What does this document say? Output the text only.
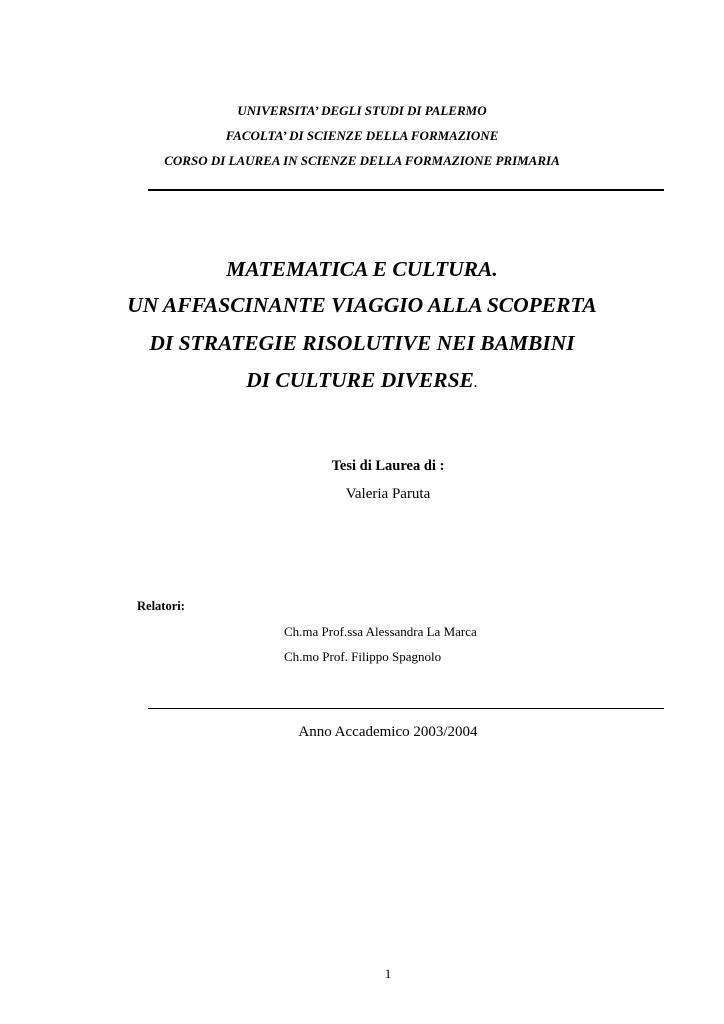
UNIVERSITA’ DEGLI STUDI DI PALERMO
FACOLTA’ DI SCIENZE DELLA FORMAZIONE
CORSO DI LAUREA IN SCIENZE DELLA FORMAZIONE PRIMARIA
MATEMATICA E CULTURA.
UN AFFASCINANTE VIAGGIO ALLA SCOPERTA
DI STRATEGIE RISOLUTIVE NEI BAMBINI
DI CULTURE DIVERSE.
Tesi di Laurea di :
Valeria Paruta
Relatori:
Ch.ma Prof.ssa Alessandra La Marca
Ch.mo Prof. Filippo Spagnolo
Anno Accademico 2003/2004
1
